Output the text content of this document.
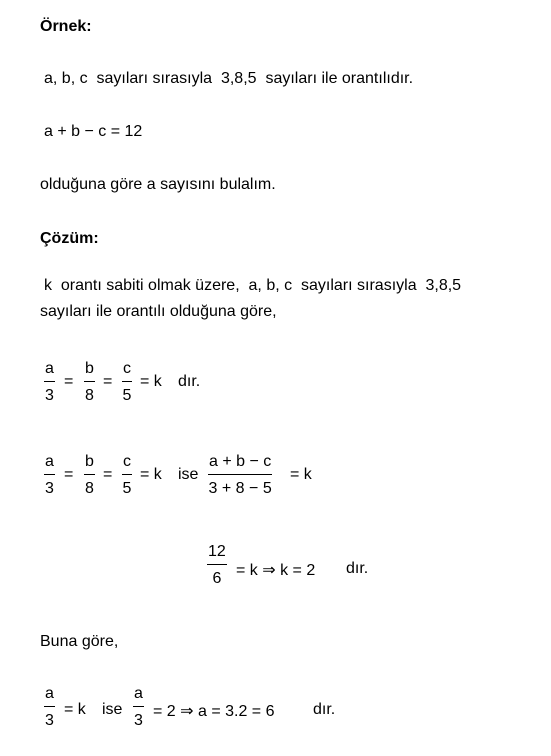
Örnek:
a, b, c sayıları sırasıyla 3,8,5 sayıları ile orantılıdır.
a + b − c = 12
olduğuna göre a sayısını bulalım.
Çözüm:
k orantı sabiti olmak üzere, a, b, c sayıları sırasıyla 3,8,5
sayıları ile orantılı olduğuna göre,
a
3
=
b
8
=
c
5
= k dır.
a
3
=
b
8
=
c
5
= k ise
a + b − c
3 + 8 − 5
= k
12
6 = k ⇒ k = 2 dır.
Buna göre,
a
3
= k ise
a
3
= 2 ⇒ a = 3.2 = 6 dır.
